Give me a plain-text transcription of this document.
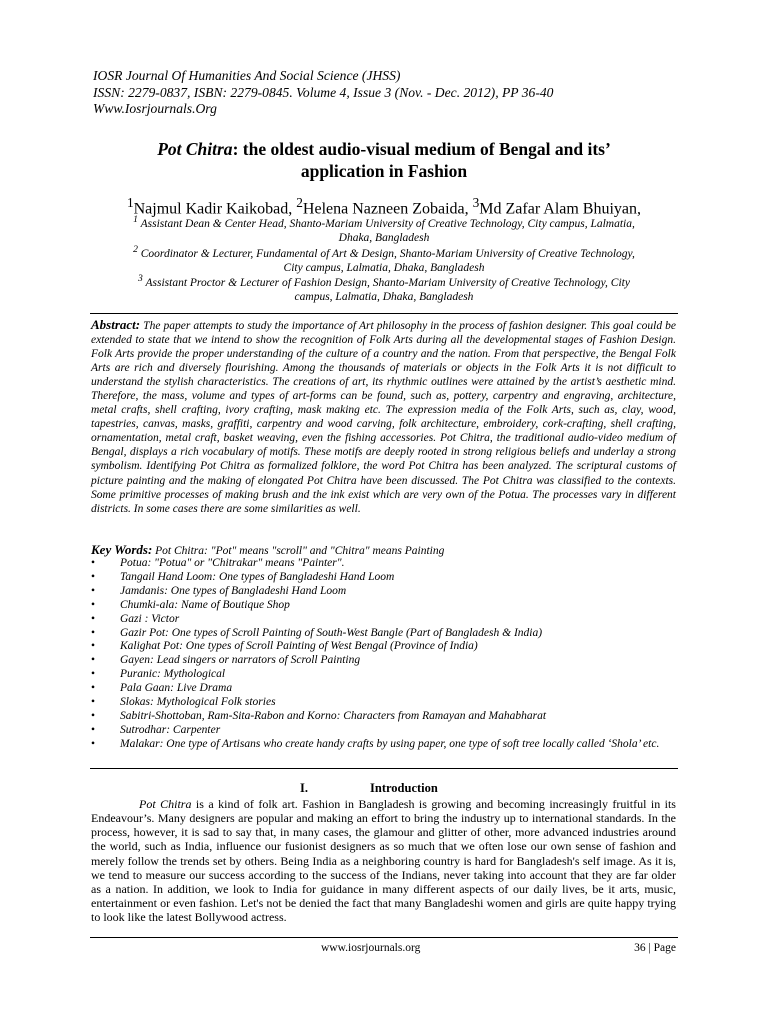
IOSR Journal Of Humanities And Social Science (JHSS)
ISSN: 2279-0837, ISBN: 2279-0845. Volume 4, Issue 3 (Nov. - Dec. 2012), PP 36-40
Www.Iosrjournals.Org
Pot Chitra: the oldest audio-visual medium of Bengal and its’
application in Fashion
$^1$Najmul Kadir Kaikobad, $^2$Helena Nazneen Zobaida, $^3$Md Zafar Alam Bhuiyan,
$^1$ Assistant Dean & Center Head, Shanto-Mariam University of Creative Technology, City campus, Lalmatia,
Dhaka, Bangladesh
$^2$ Coordinator & Lecturer, Fundamental of Art & Design, Shanto-Mariam University of Creative Technology,
City campus, Lalmatia, Dhaka, Bangladesh
$^3$ Assistant Proctor & Lecturer of Fashion Design, Shanto-Mariam University of Creative Technology, City
campus, Lalmatia, Dhaka, Bangladesh
Abstract: The paper attempts to study the importance of Art philosophy in the process of fashion designer. This goal could be extended to state that we intend to show the recognition of Folk Arts during all the developmental stages of Fashion Design. Folk Arts provide the proper understanding of the culture of a country and the nation. From that perspective, the Bengal Folk Arts are rich and diversely flourishing. Among the thousands of materials or objects in the Folk Arts it is not difficult to understand the stylish characteristics. The creations of art, its rhythmic outlines were attained by the artist’s aesthetic mind. Therefore, the mass, volume and types of art-forms can be found, such as, pottery, carpentry and engraving, architecture, metal crafts, shell crafting, ivory crafting, mask making etc. The expression media of the Folk Arts, such as, clay, wood, tapestries, canvas, masks, graffiti, carpentry and wood carving, folk architecture, embroidery, cork-crafting, shell crafting, ornamentation, metal craft, basket weaving, even the fishing accessories. Pot Chitra, the traditional audio-video medium of Bengal, displays a rich vocabulary of motifs. These motifs are deeply rooted in strong religious beliefs and underlay a strong symbolism. Identifying Pot Chitra as formalized folklore, the word Pot Chitra has been analyzed. The scriptural customs of picture painting and the making of elongated Pot Chitra have been discussed. The Pot Chitra was classified to the contexts. Some primitive processes of making brush and the ink exist which are very own of the Potua. The processes vary in different districts. In some cases there are some similarities as well.
Key Words: Pot Chitra: "Pot" means "scroll" and "Chitra" means Painting
• Potua: "Potua" or "Chitrakar" means "Painter".
• Tangail Hand Loom: One types of Bangladeshi Hand Loom
• Jamdanis: One types of Bangladeshi Hand Loom
• Chumki-ala: Name of Boutique Shop
• Gazi : Victor
• Gazir Pot: One types of Scroll Painting of South-West Bangle (Part of Bangladesh & India)
• Kalighat Pot: One types of Scroll Painting of West Bengal (Province of India)
• Gayen: Lead singers or narrators of Scroll Painting
• Puranic: Mythological
• Pala Gaan: Live Drama
• Slokas: Mythological Folk stories
• Sabitri-Shottoban, Ram-Sita-Rabon and Korno: Characters from Ramayan and Mahabharat
• Sutrodhar: Carpenter
• Malakar: One type of Artisans who create handy crafts by using paper, one type of soft tree locally called ‘Shola’ etc.
I.	Introduction
Pot Chitra is a kind of folk art. Fashion in Bangladesh is growing and becoming increasingly fruitful in its Endeavour’s. Many designers are popular and making an effort to bring the industry up to international standards. In the process, however, it is sad to say that, in many cases, the glamour and glitter of other, more advanced industries around the world, such as India, influence our fusionist designers as so much that we often lose our own sense of fashion and merely follow the trends set by others. Being India as a neighboring country is hard for Bangladesh's self image. As it is, we tend to measure our success according to the success of the Indians, never taking into account that they are far older as a nation. In addition, we look to India for guidance in many different aspects of our daily lives, be it arts, music, entertainment or even fashion. Let's not be denied the fact that many Bangladeshi women and girls are quite happy trying to look like the latest Bollywood actress.
www.iosrjournals.org	36 | Page
